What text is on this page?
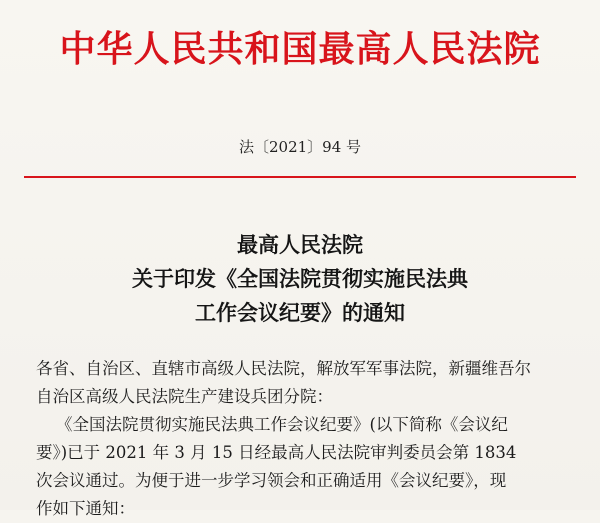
中华人民共和国最高人民法院
法〔2021〕94 号
最高人民法院
关于印发《全国法院贯彻实施民法典
工作会议纪要》的通知
各省、自治区、直辖市高级人民法院，解放军军事法院，新疆维吾尔
自治区高级人民法院生产建设兵团分院：
《全国法院贯彻实施民法典工作会议纪要》(以下简称《会议纪
要》)已于 2021 年 3 月 15 日经最高人民法院审判委员会第 1834
次会议通过。为便于进一步学习领会和正确适用《会议纪要》，现
作如下通知：
